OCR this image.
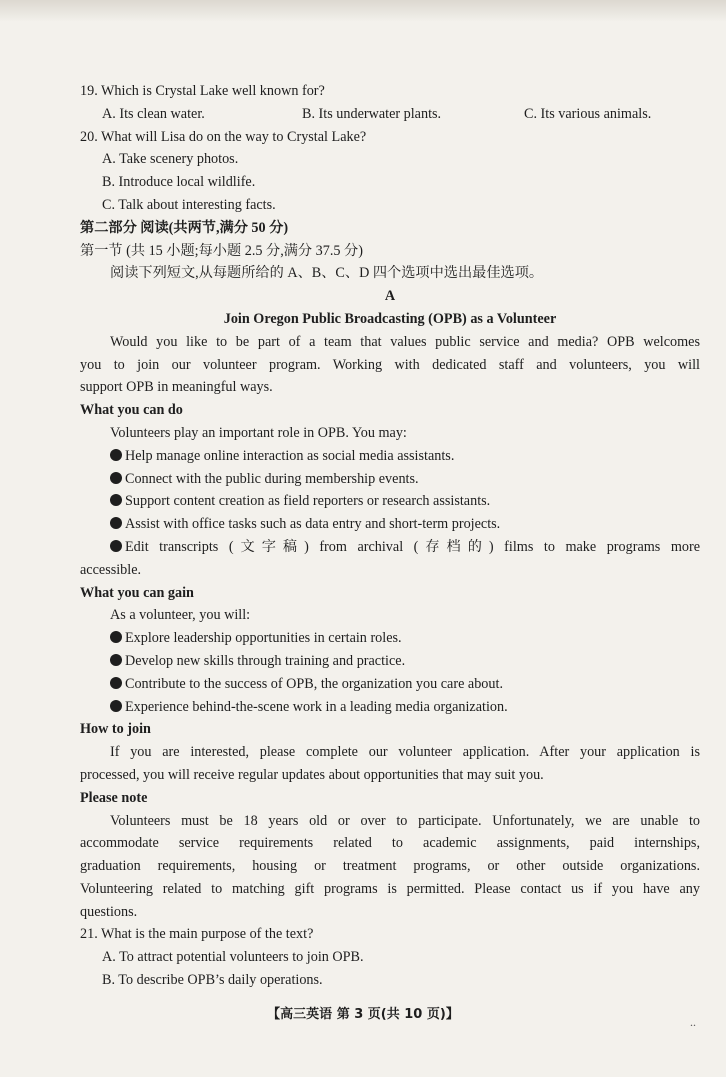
19. Which is Crystal Lake well known for?
A. Its clean water.	B. Its underwater plants.	C. Its various animals.
20. What will Lisa do on the way to Crystal Lake?
A. Take scenery photos.
B. Introduce local wildlife.
C. Talk about interesting facts.
第二部分 阅读(共两节,满分 50 分)
第一节 (共 15 小题;每小题 2.5 分,满分 37.5 分)
阅读下列短文,从每题所给的 A、B、C、D 四个选项中选出最佳选项。
A
Join Oregon Public Broadcasting (OPB) as a Volunteer
Would you like to be part of a team that values public service and media? OPB welcomes
you to join our volunteer program. Working with dedicated staff and volunteers, you will
support OPB in meaningful ways.
What you can do
Volunteers play an important role in OPB. You may:
Help manage online interaction as social media assistants.
Connect with the public during membership events.
Support content creation as field reporters or research assistants.
Assist with office tasks such as data entry and short-term projects.
Edit transcripts (文字稿) from archival (存档的) films to make programs more
accessible.
What you can gain
As a volunteer, you will:
Explore leadership opportunities in certain roles.
Develop new skills through training and practice.
Contribute to the success of OPB, the organization you care about.
Experience behind-the-scene work in a leading media organization.
How to join
If you are interested, please complete our volunteer application. After your application is
processed, you will receive regular updates about opportunities that may suit you.
Please note
Volunteers must be 18 years old or over to participate. Unfortunately, we are unable to
accommodate service requirements related to academic assignments, paid internships,
graduation requirements, housing or treatment programs, or other outside organizations.
Volunteering related to matching gift programs is permitted. Please contact us if you have any
questions.
21. What is the main purpose of the text?
A. To attract potential volunteers to join OPB.
B. To describe OPB’s daily operations.
【高三英语 第 3 页(共 10 页)】	..
